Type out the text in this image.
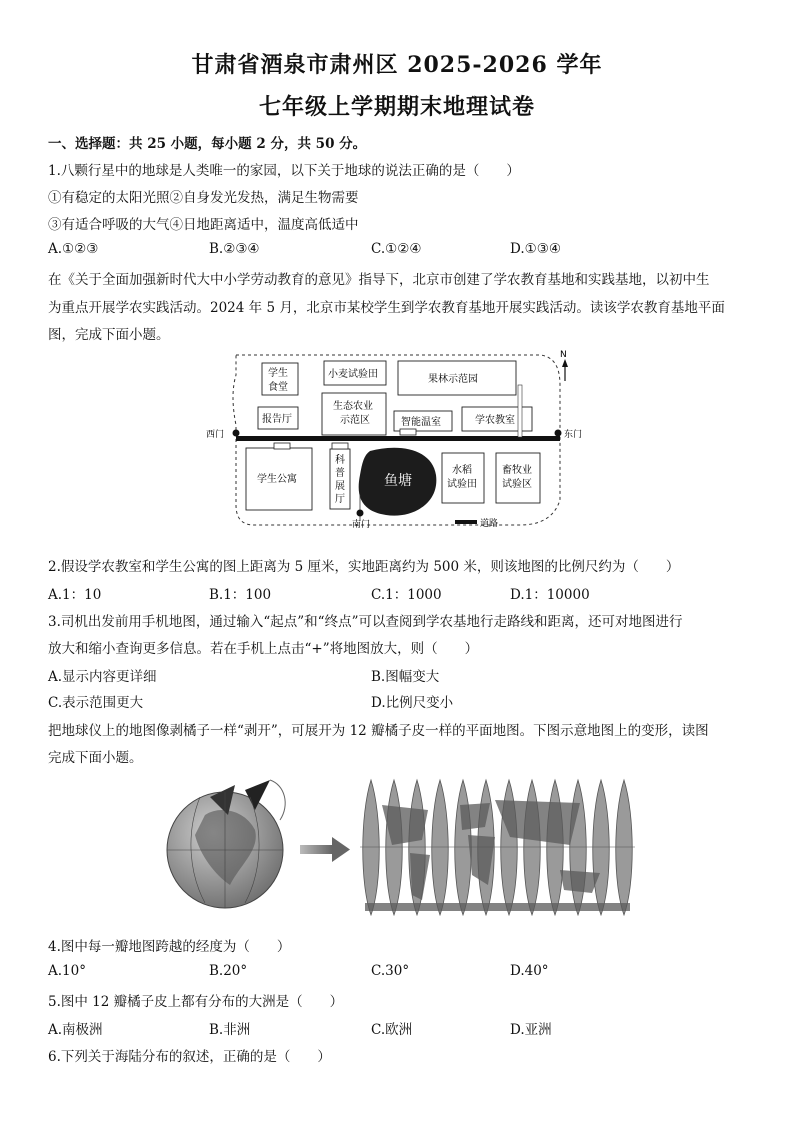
甘肃省酒泉市肃州区 2025-2026 学年
七年级上学期期末地理试卷
一、选择题：共 25 小题，每小题 2 分，共 50 分。
1.八颗行星中的地球是人类唯一的家园，以下关于地球的说法正确的是（　　）
①有稳定的太阳光照②自身发光发热，满足生物需要
③有适合呼吸的大气④日地距离适中，温度高低适中
A.①②③	B.②③④	C.①②④	D.①③④
在《关于全面加强新时代大中小学劳动教育的意见》指导下，北京市创建了学农教育基地和实践基地，以初中生
为重点开展学农实践活动。2024 年 5 月，北京市某校学生到学农教育基地开展实践活动。读该学农教育基地平面
图，完成下面小题。
N
学生
食堂
小麦试验田	果林示范园
生态农业
示范区
报告厅	智能温室	学农教室
西门	东门
学生公寓
科
普
展
厅
鱼塘
水稻
试验田
畜牧业
试验区
南门	道路
2.假设学农教室和学生公寓的图上距离为 5 厘米，实地距离约为 500 米，则该地图的比例尺约为（　　）
A.1：10	B.1：100	C.1：1000	D.1：10000
3.司机出发前用手机地图，通过输入“起点”和“终点”可以查阅到学农基地行走路线和距离，还可对地图进行
放大和缩小查询更多信息。若在手机上点击“+”将地图放大，则（　　）
A.显示内容更详细	B.图幅变大
C.表示范围更大	D.比例尺变小
把地球仪上的地图像剥橘子一样“剥开”，可展开为 12 瓣橘子皮一样的平面地图。下图示意地图上的变形，读图
完成下面小题。
4.图中每一瓣地图跨越的经度为（　　）
A.10°	B.20°	C.30°	D.40°
5.图中 12 瓣橘子皮上都有分布的大洲是（　　）
A.南极洲	B.非洲	C.欧洲	D.亚洲
6.下列关于海陆分布的叙述，正确的是（　　）
